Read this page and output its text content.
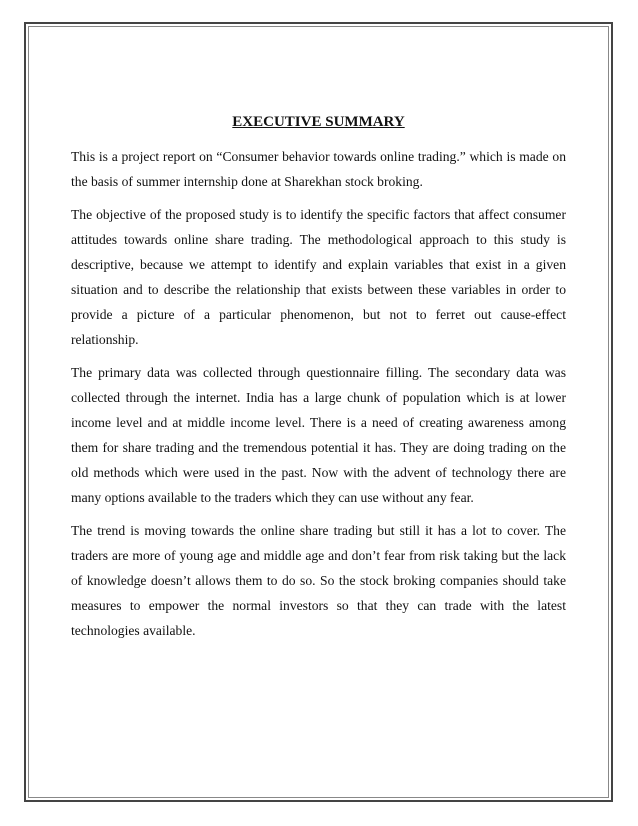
EXECUTIVE SUMMARY

This is a project report on “Consumer behavior towards online trading.” which is made on the basis of summer internship done at Sharekhan stock broking.

The objective of the proposed study is to identify the specific factors that affect consumer attitudes towards online share trading. The methodological approach to this study is descriptive, because we attempt to identify and explain variables that exist in a given situation and to describe the relationship that exists between these variables in order to provide a picture of a particular phenomenon, but not to ferret out cause-effect relationship.

The primary data was collected through questionnaire filling. The secondary data was collected through the internet. India has a large chunk of population which is at lower income level and at middle income level. There is a need of creating awareness among them for share trading and the tremendous potential it has. They are doing trading on the old methods which were used in the past. Now with the advent of technology there are many options available to the traders which they can use without any fear.

The trend is moving towards the online share trading but still it has a lot to cover. The traders are more of young age and middle age and don’t fear from risk taking but the lack of knowledge doesn’t allows them to do so. So the stock broking companies should take measures to empower the normal investors so that they can trade with the latest technologies available.
